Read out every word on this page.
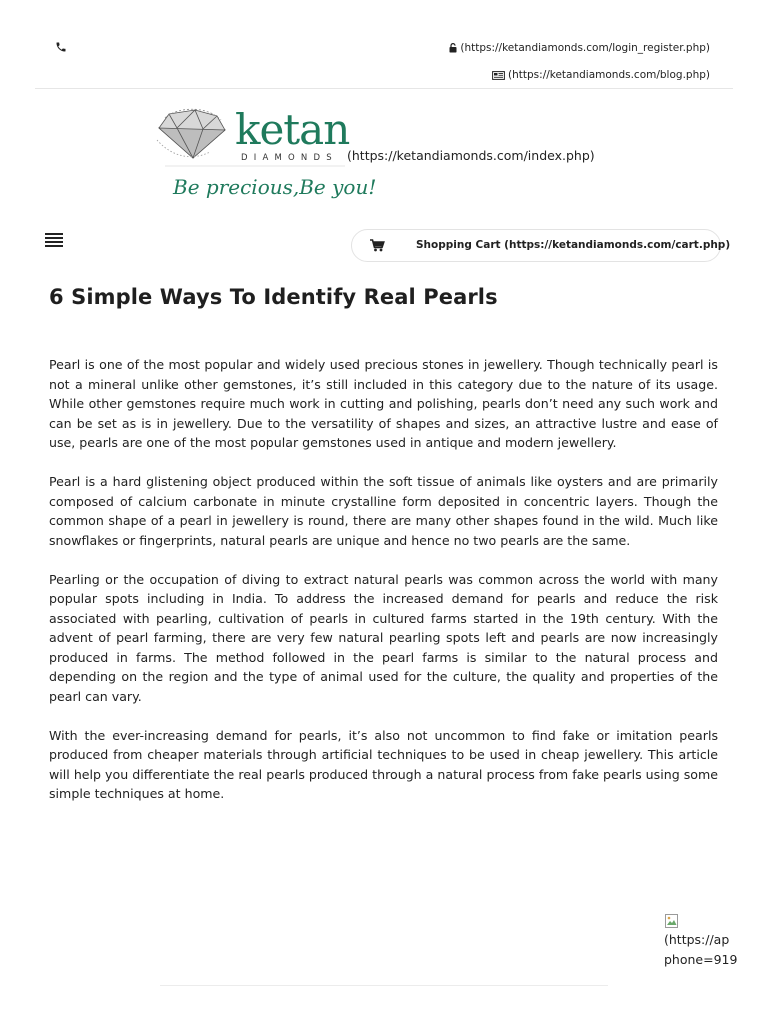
(https://ketandiamonds.com/login_register.php)
(https://ketandiamonds.com/blog.php)
ketan
DIAMONDS
Be precious,Be you!
(https://ketandiamonds.com/index.php)
Shopping Cart (https://ketandiamonds.com/cart.php)
6 Simple Ways To Identify Real Pearls

Pearl is one of the most popular and widely used precious stones in jewellery. Though technically pearl is not a mineral unlike other gemstones, it’s still included in this category due to the nature of its usage. While other gemstones require much work in cutting and polishing, pearls don’t need any such work and can be set as is in jewellery. Due to the versatility of shapes and sizes, an attractive lustre and ease of use, pearls are one of the most popular gemstones used in antique and modern jewellery.

Pearl is a hard glistening object produced within the soft tissue of animals like oysters and are primarily composed of calcium carbonate in minute crystalline form deposited in concentric layers. Though the common shape of a pearl in jewellery is round, there are many other shapes found in the wild. Much like snowflakes or fingerprints, natural pearls are unique and hence no two pearls are the same.

Pearling or the occupation of diving to extract natural pearls was common across the world with many popular spots including in India. To address the increased demand for pearls and reduce the risk associated with pearling, cultivation of pearls in cultured farms started in the 19th century. With the advent of pearl farming, there are very few natural pearling spots left and pearls are now increasingly produced in farms. The method followed in the pearl farms is similar to the natural process and depending on the region and the type of animal used for the culture, the quality and properties of the pearl can vary.

With the ever-increasing demand for pearls, it’s also not uncommon to find fake or imitation pearls produced from cheaper materials through artificial techniques to be used in cheap jewellery. This article will help you differentiate the real pearls produced through a natural process from fake pearls using some simple techniques at home.

(https://ap
phone=919
